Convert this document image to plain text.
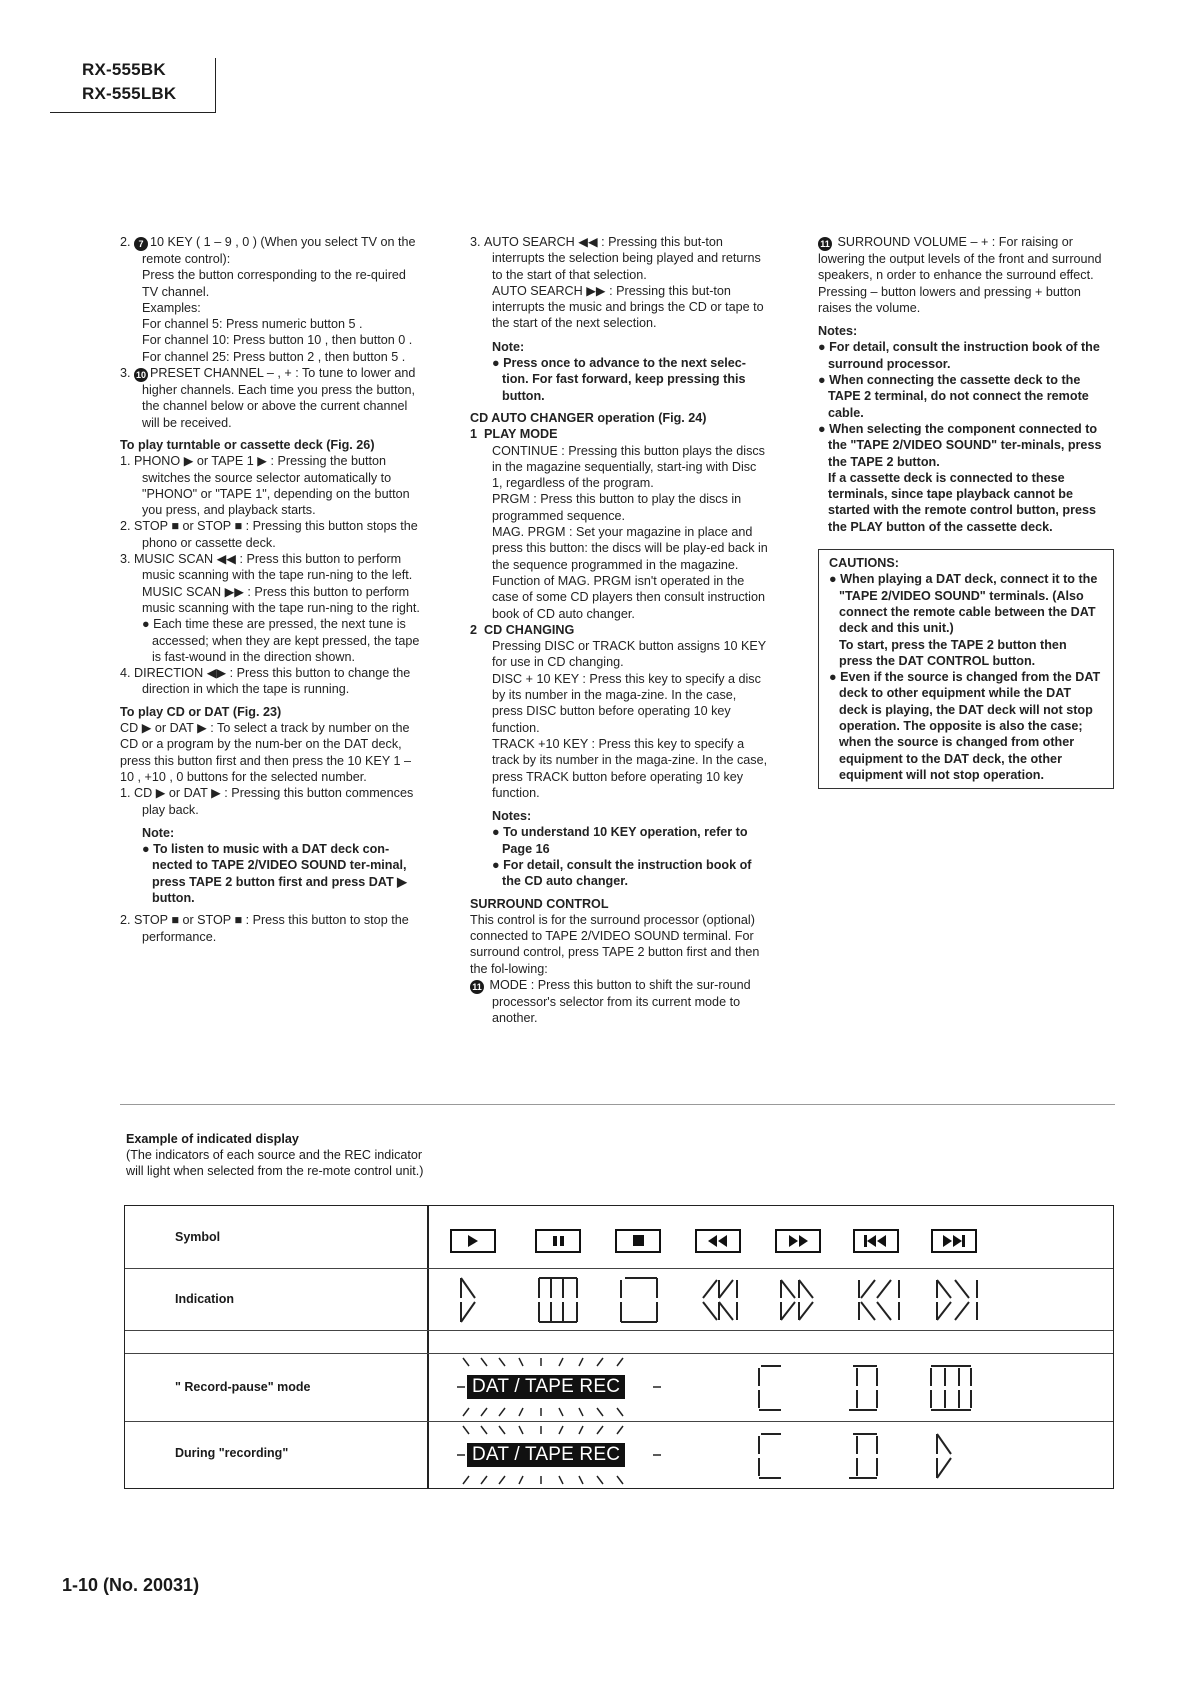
RX-555BK
RX-555LBK

2. 7 10 KEY ( 1 – 9 , 0 ) (When you select TV on the remote control):

Press the button corresponding to the re-quired TV channel.

Examples:

For channel 5: Press numeric button 5 .

For channel 10: Press button 10 , then button 0 .

For channel 25: Press button 2 , then button 5 .

3. 10 PRESET CHANNEL – , + : To tune to lower and higher channels. Each time you press the button, the channel below or above the current channel will be received.

To play turntable or cassette deck (Fig. 26)

1. PHONO ▶ or TAPE 1 ▶ : Pressing the button switches the source selector automatically to "PHONO" or "TAPE 1", depending on the button you press, and playback starts.

2. STOP ■ or STOP ■ : Pressing this button stops the phono or cassette deck.

3. MUSIC SCAN ◀◀ : Press this button to perform music scanning with the tape run-ning to the left.

MUSIC SCAN ▶▶ : Press this button to perform music scanning with the tape run-ning to the right.

● Each time these are pressed, the next tune is accessed; when they are kept pressed, the tape is fast-wound in the direction shown.

4. DIRECTION ◀▶ : Press this button to change the direction in which the tape is running.

To play CD or DAT (Fig. 23)

CD ▶ or DAT ▶ : To select a track by number on the CD or a program by the num-ber on the DAT deck, press this button first and then press the 10 KEY 1 – 10 , +10 , 0 buttons for the selected number.

1. CD ▶ or DAT ▶ : Pressing this button commences play back.

Note:

● To listen to music with a DAT deck con-nected to TAPE 2/VIDEO SOUND ter-minal, press TAPE 2 button first and press DAT ▶ button.

2. STOP ■ or STOP ■ : Press this button to stop the performance.

3. AUTO SEARCH ◀◀ : Pressing this but-ton interrupts the selection being played and returns to the start of that selection.

AUTO SEARCH ▶▶ : Pressing this but-ton interrupts the music and brings the CD or tape to the start of the next selection.

Note:

● Press once to advance to the next selec-tion. For fast forward, keep pressing this button.

CD AUTO CHANGER operation (Fig. 24)

1 PLAY MODE

CONTINUE : Pressing this button plays the discs in the magazine sequentially, start-ing with Disc 1, regardless of the program.

PRGM : Press this button to play the discs in programmed sequence.

MAG. PRGM : Set your magazine in place and press this button: the discs will be play-ed back in the sequence programmed in the magazine.

Function of MAG. PRGM isn't operated in the case of some CD players then consult instruction book of CD auto changer.

2 CD CHANGING

Pressing DISC or TRACK button assigns 10 KEY for use in CD changing.

DISC + 10 KEY : Press this key to specify a disc by its number in the maga-zine. In the case, press DISC button before operating 10 key function.

TRACK +10 KEY : Press this key to specify a track by its number in the maga-zine. In the case, press TRACK button before operating 10 key function.

Notes:

● To understand 10 KEY operation, refer to Page 16

● For detail, consult the instruction book of the CD auto changer.

SURROUND CONTROL

This control is for the surround processor (optional) connected to TAPE 2/VIDEO SOUND terminal. For surround control, press TAPE 2 button first and then the fol-lowing:

11 MODE : Press this button to shift the sur-round processor's selector from its current mode to another.

11 SURROUND VOLUME – + : For raising or lowering the output levels of the front and surround speakers, n order to enhance the surround effect. Pressing – button lowers and pressing + button raises the volume.

Notes:

● For detail, consult the instruction book of the surround processor.

● When connecting the cassette deck to the TAPE 2 terminal, do not connect the remote cable.

● When selecting the component connected to the "TAPE 2/VIDEO SOUND" ter-minals, press the TAPE 2 button.

If a cassette deck is connected to these terminals, since tape playback cannot be started with the remote control button, press the PLAY button of the cassette deck.

CAUTIONS:

● When playing a DAT deck, connect it to the "TAPE 2/VIDEO SOUND" terminals. (Also connect the remote cable between the DAT deck and this unit.)

To start, press the TAPE 2 button then press the DAT CONTROL button.

● Even if the source is changed from the DAT deck to other equipment while the DAT deck is playing, the DAT deck will not stop operation. The opposite is also the case; when the source is changed from other equipment to the DAT deck, the other equipment will not stop operation.

Example of indicated display

(The indicators of each source and the REC indicator will light when selected from the re-mote control unit.)

Symbol
Indication
" Record-pause" mode
During "recording"
DAT / TAPE REC
DAT / TAPE REC
1-10 (No. 20031)
